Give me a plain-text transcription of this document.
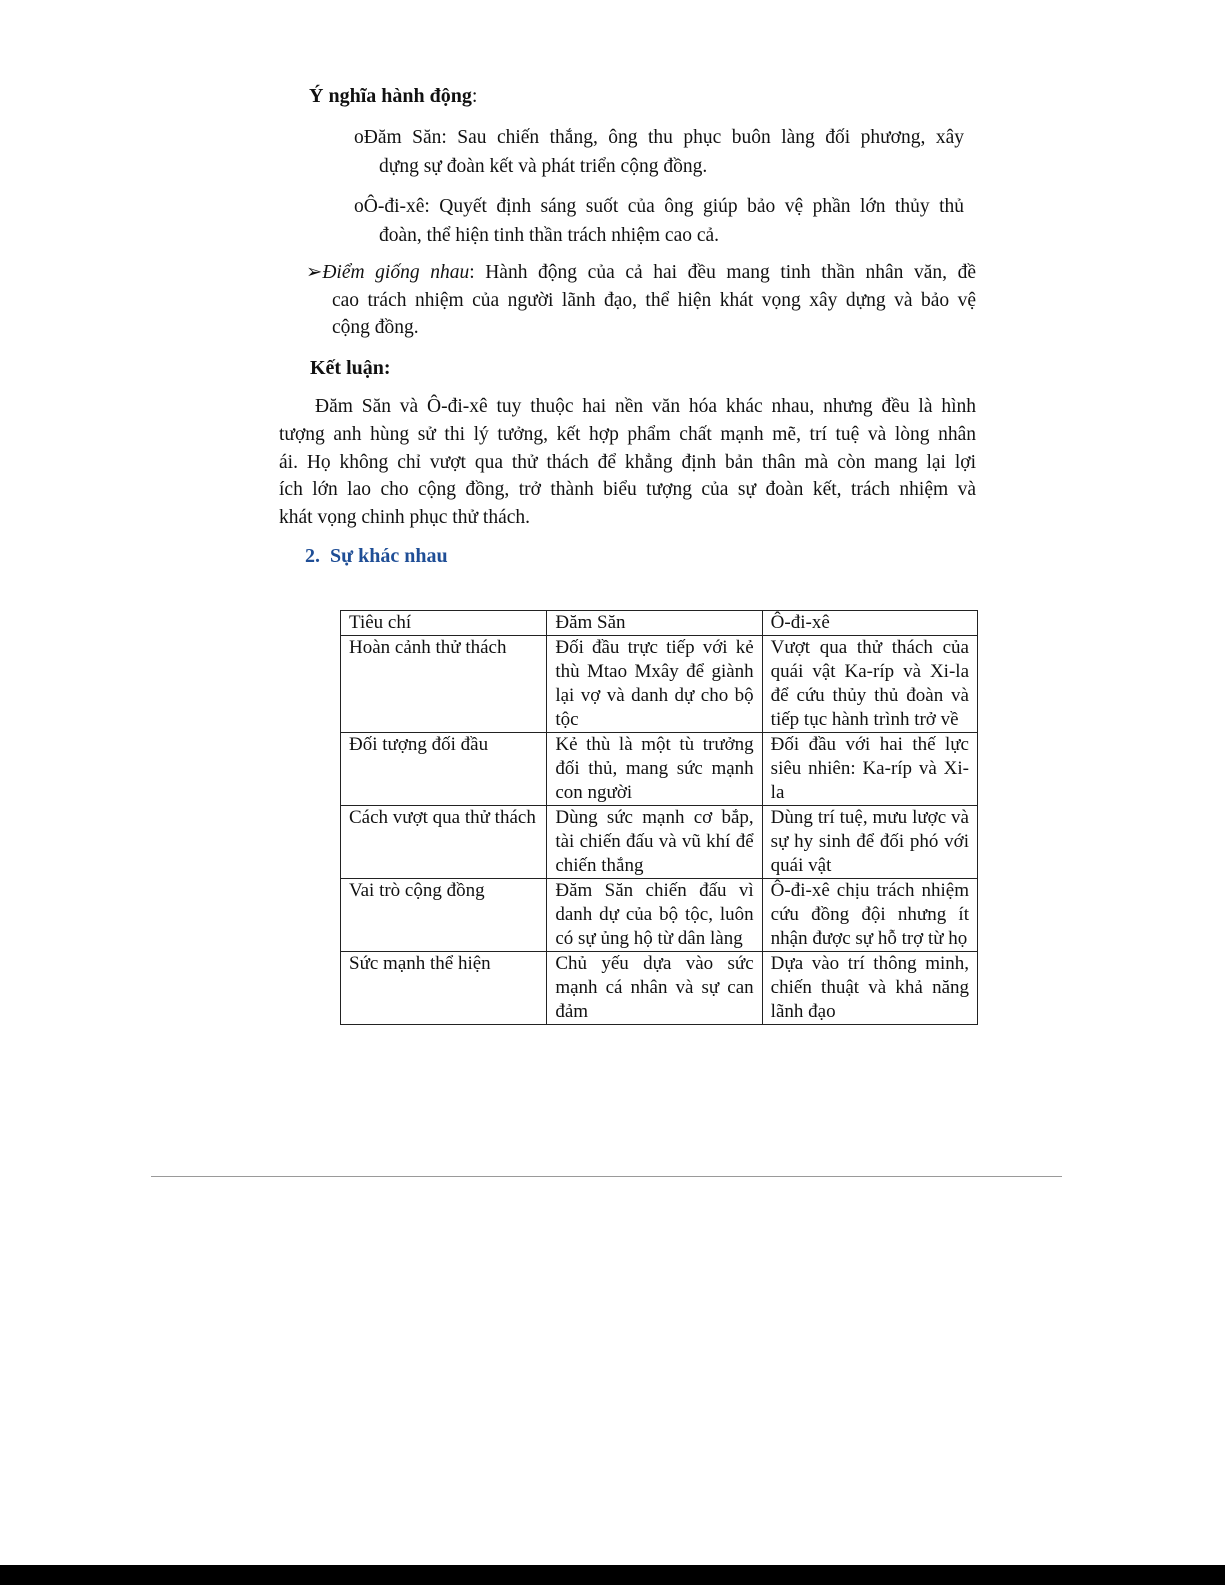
Ý nghĩa hành động:
oĐăm Săn: Sau chiến thắng, ông thu phục buôn làng đối phương, xây
dựng sự đoàn kết và phát triển cộng đồng.
oÔ-đi-xê: Quyết định sáng suốt của ông giúp bảo vệ phần lớn thủy thủ
đoàn, thể hiện tinh thần trách nhiệm cao cả.
➢Điểm giống nhau: Hành động của cả hai đều mang tinh thần nhân văn, đề
cao trách nhiệm của người lãnh đạo, thể hiện khát vọng xây dựng và bảo vệ
cộng đồng.
Kết luận:
Đăm Săn và Ô-đi-xê tuy thuộc hai nền văn hóa khác nhau, nhưng đều là hình
tượng anh hùng sử thi lý tưởng, kết hợp phẩm chất mạnh mẽ, trí tuệ và lòng nhân
ái. Họ không chỉ vượt qua thử thách để khẳng định bản thân mà còn mang lại lợi
ích lớn lao cho cộng đồng, trở thành biểu tượng của sự đoàn kết, trách nhiệm và
khát vọng chinh phục thử thách.
2. Sự khác nhau
Tiêu chí	Đăm Săn	Ô-đi-xê
Hoàn cảnh thử thách	Đối đầu trực tiếp với kẻ thù Mtao Mxây để giành lại vợ và danh dự cho bộ tộc	Vượt qua thử thách của quái vật Ka-ríp và Xi-la để cứu thủy thủ đoàn và tiếp tục hành trình trở về
Đối tượng đối đầu	Kẻ thù là một tù trưởng đối thủ, mang sức mạnh con người	Đối đầu với hai thế lực siêu nhiên: Ka-ríp và Xi-la
Cách vượt qua thử thách	Dùng sức mạnh cơ bắp, tài chiến đấu và vũ khí để chiến thắng	Dùng trí tuệ, mưu lược và sự hy sinh để đối phó với quái vật
Vai trò cộng đồng	Đăm Săn chiến đấu vì danh dự của bộ tộc, luôn có sự ủng hộ từ dân làng	Ô-đi-xê chịu trách nhiệm cứu đồng đội nhưng ít nhận được sự hỗ trợ từ họ
Sức mạnh thể hiện	Chủ yếu dựa vào sức mạnh cá nhân và sự can đảm	Dựa vào trí thông minh, chiến thuật và khả năng lãnh đạo
